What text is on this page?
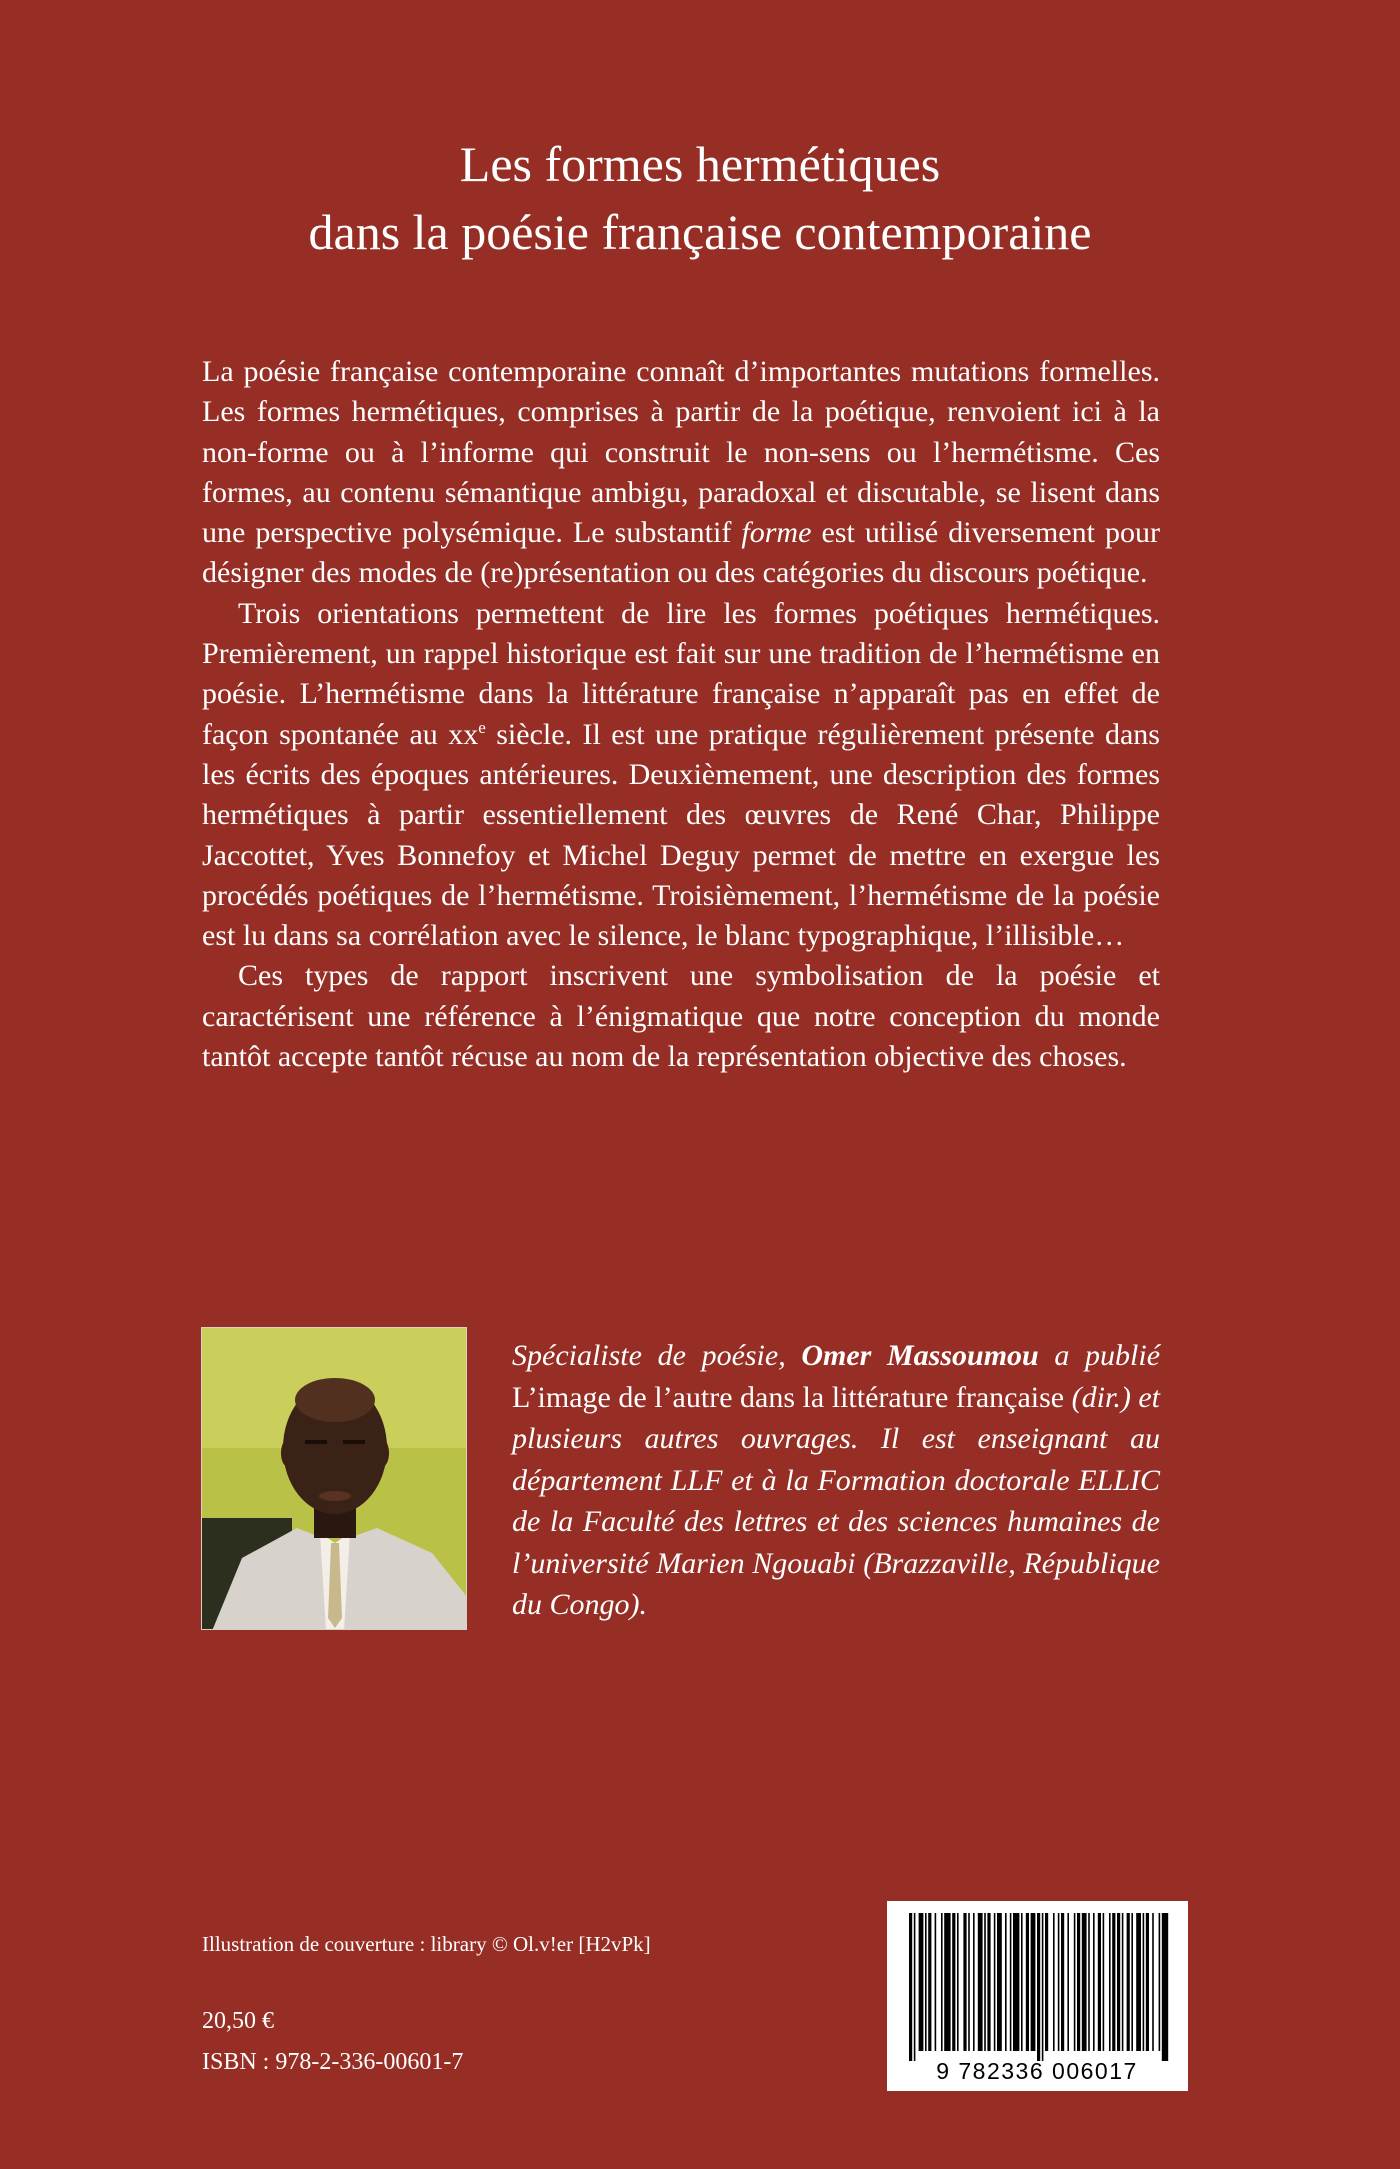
Les formes hermétiques
dans la poésie française contemporaine

La poésie française contemporaine connaît d’importantes mutations formelles. Les formes hermétiques, comprises à partir de la poétique, renvoient ici à la non-forme ou à l’informe qui construit le non-sens ou l’hermétisme. Ces formes, au contenu sémantique ambigu, paradoxal et discutable, se lisent dans une perspective polysémique. Le substantif forme est utilisé diversement pour désigner des modes de (re)présentation ou des catégories du discours poétique.

Trois orientations permettent de lire les formes poétiques hermétiques. Premièrement, un rappel historique est fait sur une tradition de l’hermétisme en poésie. L’hermétisme dans la littérature française n’apparaît pas en effet de façon spontanée au $xx^e$ siècle. Il est une pratique régulièrement présente dans les écrits des époques antérieures. Deuxièmement, une description des formes hermétiques à partir essentiellement des œuvres de René Char, Philippe Jaccottet, Yves Bonnefoy et Michel Deguy permet de mettre en exergue les procédés poétiques de l’hermétisme. Troisièmement, l’hermétisme de la poésie est lu dans sa corrélation avec le silence, le blanc typographique, l’illisible…

Ces types de rapport inscrivent une symbolisation de la poésie et caractérisent une référence à l’énigmatique que notre conception du monde tantôt accepte tantôt récuse au nom de la représentation objective des choses.

Spécialiste de poésie, Omer Massoumou a publié L’image de l’autre dans la littérature française (dir.) et plusieurs autres ouvrages. Il est enseignant au département LLF et à la Formation doctorale ELLIC de la Faculté des lettres et des sciences humaines de l’université Marien Ngouabi (Brazzaville, République du Congo).

Illustration de couverture : library © Ol.v!er [H2vPk]

20,50 €

ISBN : 978-2-336-00601-7	9 782336 006017
